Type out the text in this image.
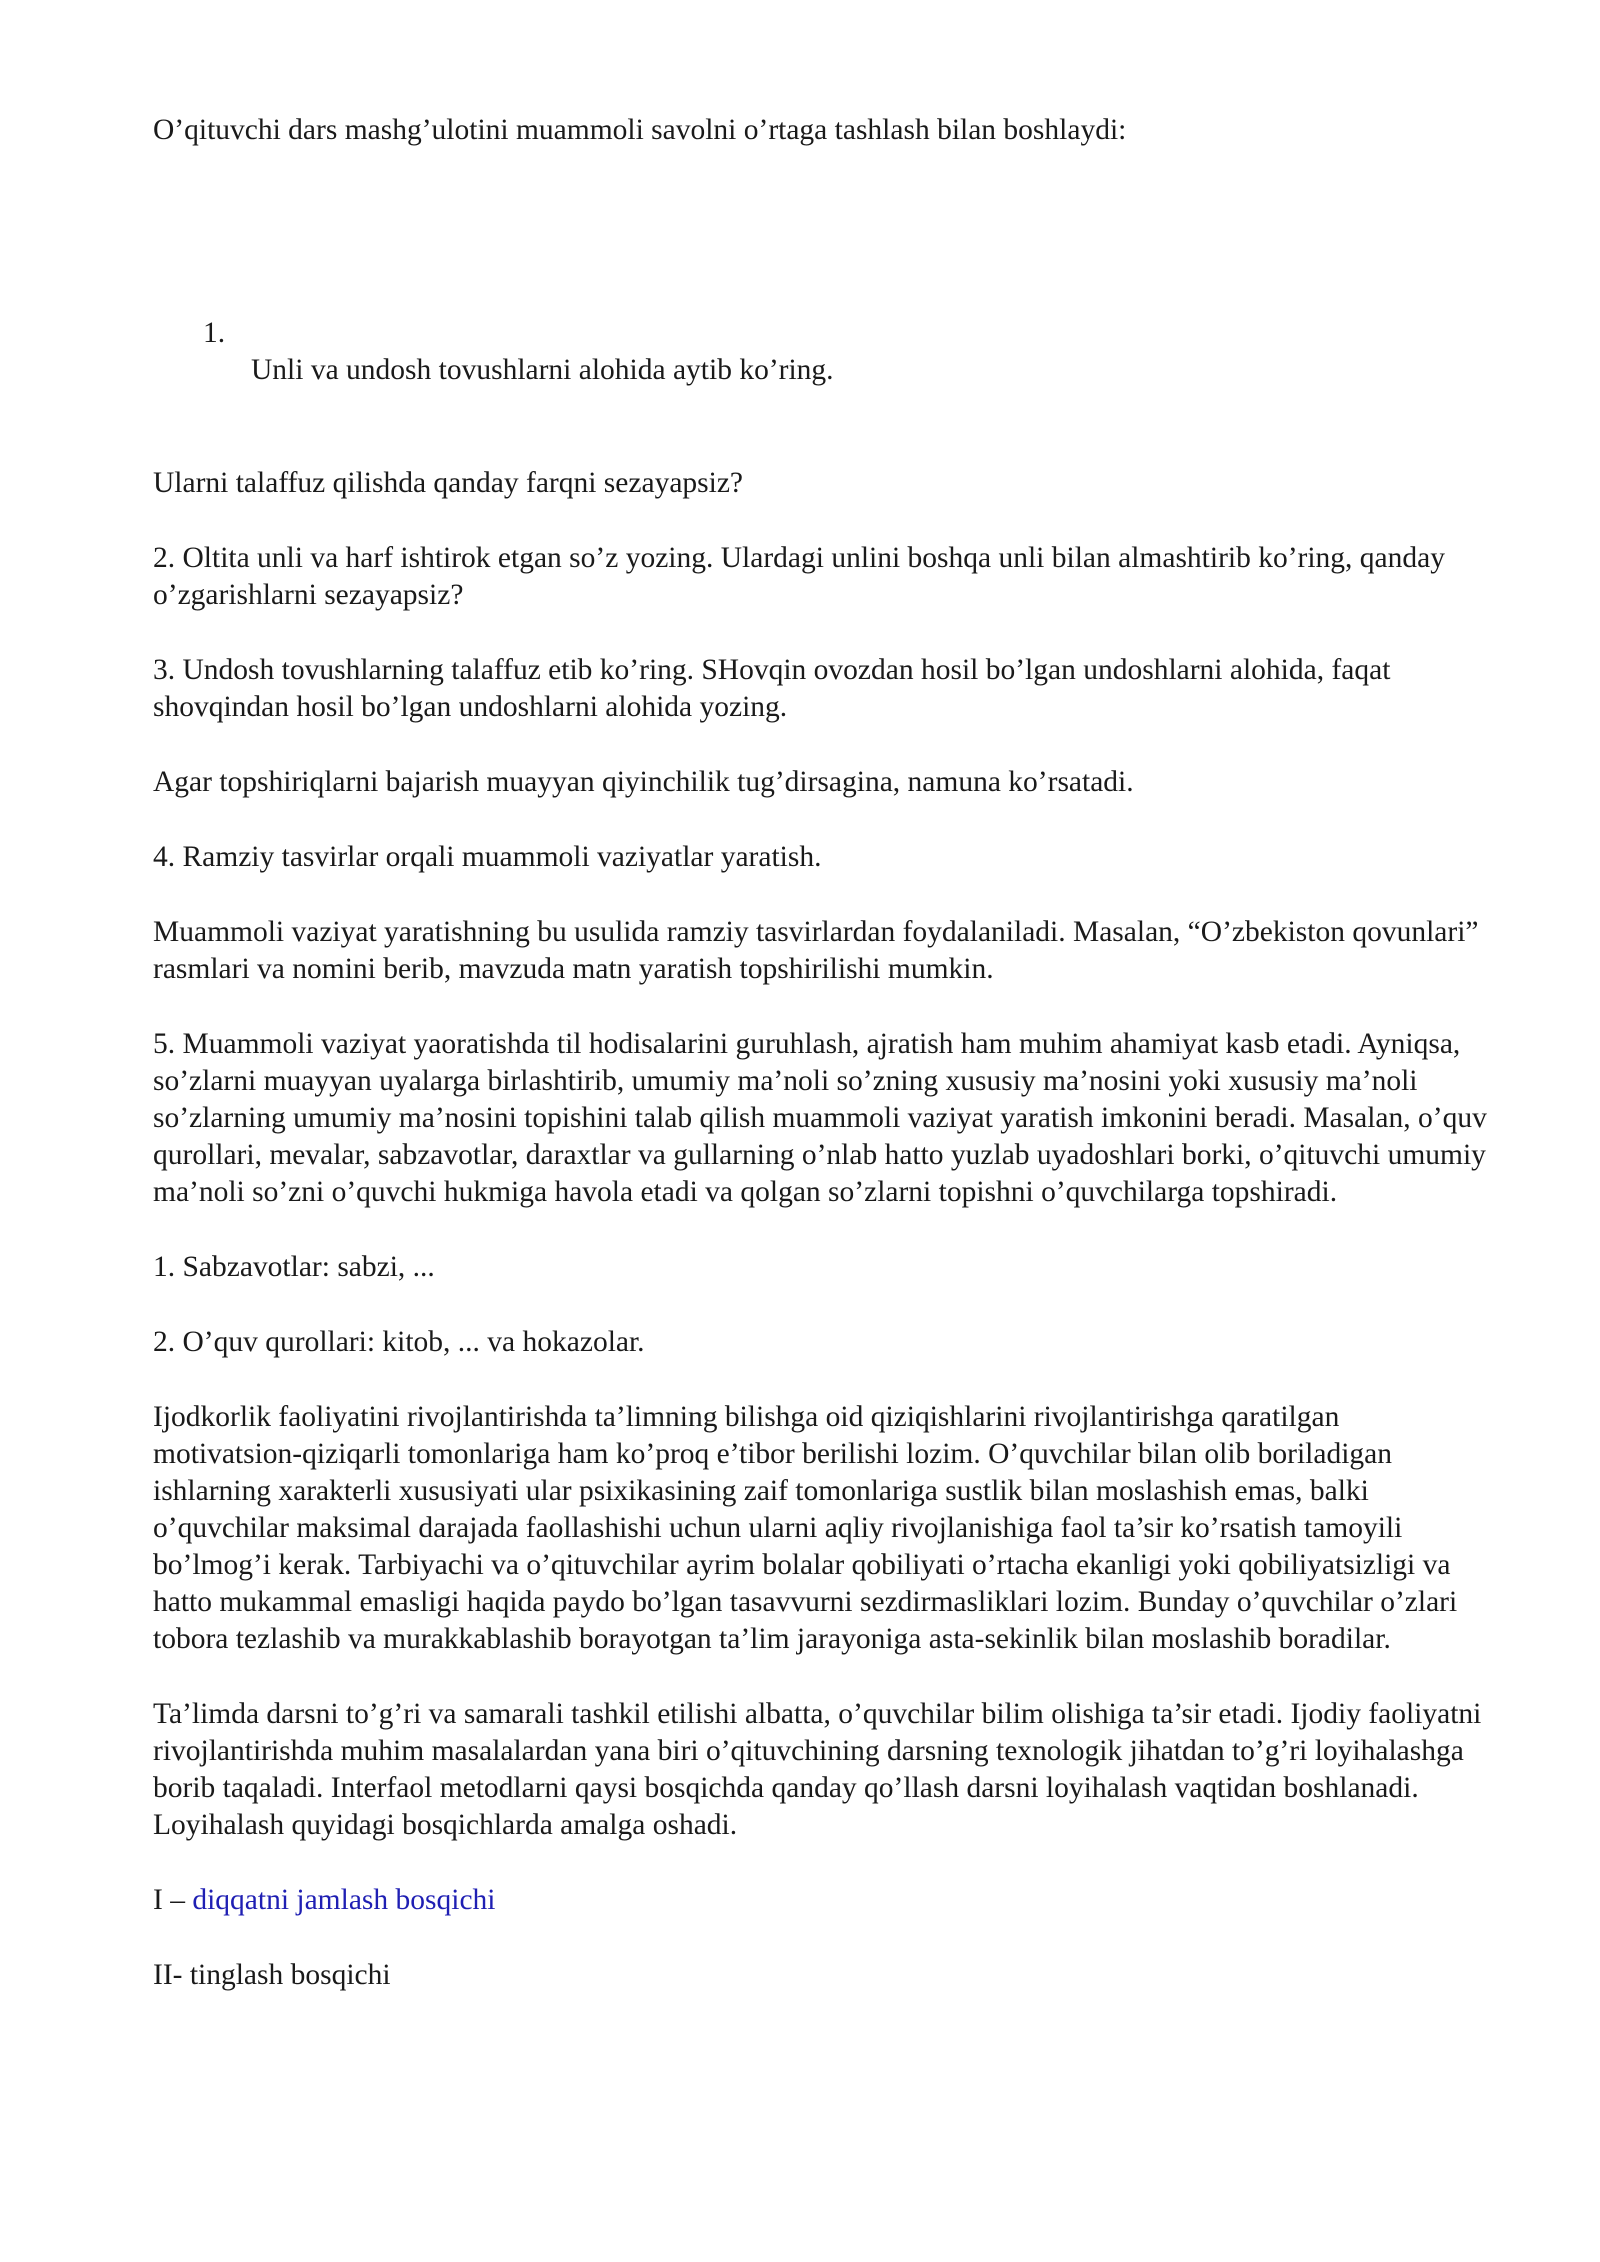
O’qituvchi dars mashg’ulotini muammoli savolni o’rtaga tashlash bilan boshlaydi:

1.
Unli va undosh tovushlarni alohida aytib ko’ring.

Ularni talaffuz qilishda qanday farqni sezayapsiz?

2. Oltita unli va harf ishtirok etgan so’z yozing. Ulardagi unlini boshqa unli bilan almashtirib ko’ring, qanday o’zgarishlarni sezayapsiz?

3. Undosh tovushlarning talaffuz etib ko’ring. SHovqin ovozdan hosil bo’lgan undoshlarni alohida, faqat shovqindan hosil bo’lgan undoshlarni alohida yozing.

Agar topshiriqlarni bajarish muayyan qiyinchilik tug’dirsagina, namuna ko’rsatadi.

4. Ramziy tasvirlar orqali muammoli vaziyatlar yaratish.

Muammoli vaziyat yaratishning bu usulida ramziy tasvirlardan foydalaniladi. Masalan, “O’zbekiston qovunlari” rasmlari va nomini berib, mavzuda matn yaratish topshirilishi mumkin.

5. Muammoli vaziyat yaoratishda til hodisalarini guruhlash, ajratish ham muhim ahamiyat kasb etadi. Ayniqsa, so’zlarni muayyan uyalarga birlashtirib, umumiy ma’noli so’zning xususiy ma’nosini yoki xususiy ma’noli so’zlarning umumiy ma’nosini topishini talab qilish muammoli vaziyat yaratish imkonini beradi. Masalan, o’quv qurollari, mevalar, sabzavotlar, daraxtlar va gullarning o’nlab hatto yuzlab uyadoshlari borki, o’qituvchi umumiy ma’noli so’zni o’quvchi hukmiga havola etadi va qolgan so’zlarni topishni o’quvchilarga topshiradi.

1. Sabzavotlar: sabzi, ...

2. O’quv qurollari: kitob, ... va hokazolar.

Ijodkorlik faoliyatini rivojlantirishda ta’limning bilishga oid qiziqishlarini rivojlantirishga qaratilgan motivatsion-qiziqarli tomonlariga ham ko’proq e’tibor berilishi lozim. O’quvchilar bilan olib boriladigan ishlarning xarakterli xususiyati ular psixikasining zaif tomonlariga sustlik bilan moslashish emas, balki o’quvchilar maksimal darajada faollashishi uchun ularni aqliy rivojlanishiga faol ta’sir ko’rsatish tamoyili bo’lmog’i kerak. Tarbiyachi va o’qituvchilar ayrim bolalar qobiliyati o’rtacha ekanligi yoki qobiliyatsizligi va hatto mukammal emasligi haqida paydo bo’lgan tasavvurni sezdirmasliklari lozim. Bunday o’quvchilar o’zlari tobora tezlashib va murakkablashib borayotgan ta’lim jarayoniga asta-sekinlik bilan moslashib boradilar.

Ta’limda darsni to’g’ri va samarali tashkil etilishi albatta, o’quvchilar bilim olishiga ta’sir etadi. Ijodiy faoliyatni rivojlantirishda muhim masalalardan yana biri o’qituvchining darsning texnologik jihatdan to’g’ri loyihalashga borib taqaladi. Interfaol metodlarni qaysi bosqichda qanday qo’llash darsni loyihalash vaqtidan boshlanadi. Loyihalash quyidagi bosqichlarda amalga oshadi.

I – diqqatni jamlash bosqichi

II- tinglash bosqichi
